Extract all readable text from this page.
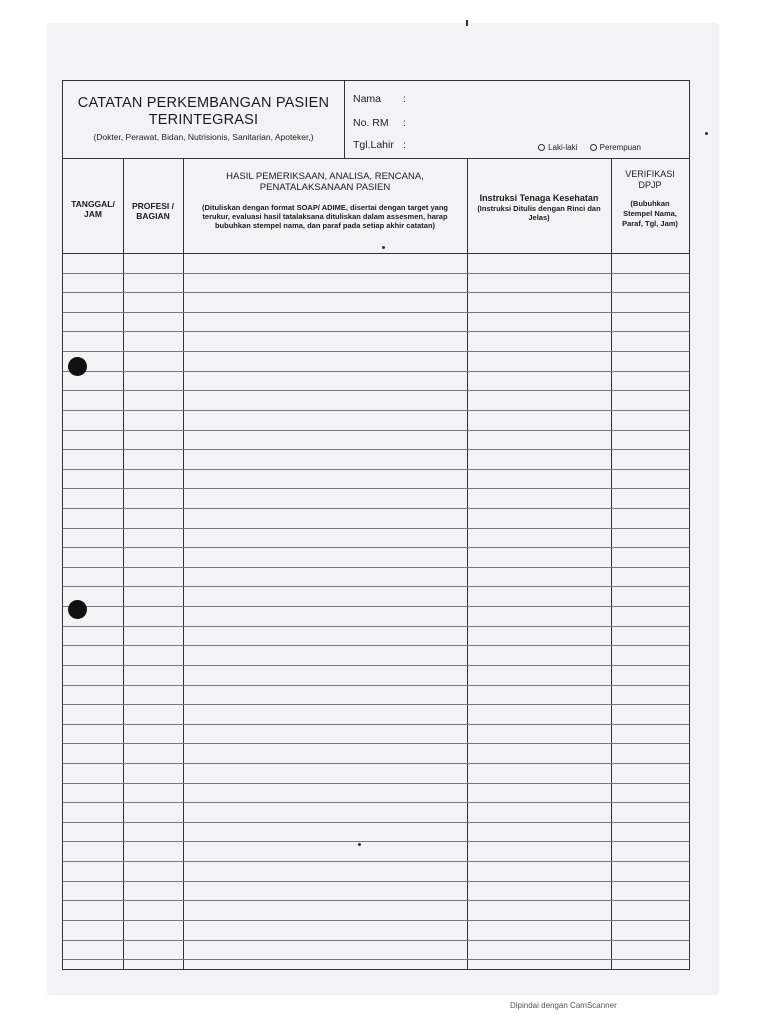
CATATAN PERKEMBANGAN PASIEN
TERINTEGRASI
(Dokter, Perawat, Bidan, Nutrisionis, Sanitarian, Apoteker,)
Nama :
No. RM :
Tgl.Lahir :	Laki-laki	Perempuan
TANGGAL/ JAM
PROFESI / BAGIAN
HASIL PEMERIKSAAN, ANALISA, RENCANA, PENATALAKSANAAN PASIEN
(Dituliskan dengan format SOAP/ ADIME, disertai dengan target yang terukur, evaluasi hasil tatalaksana dituliskan dalam assesmen, harap bubuhkan stempel nama, dan paraf pada setiap akhir catatan)
Instruksi Tenaga Kesehatan
(Instruksi Ditulis dengan Rinci dan Jelas)
VERIFIKASI DPJP
(Bubuhkan Stempel Nama, Paraf, Tgl, Jam)
Dipindai dengan CamScanner
